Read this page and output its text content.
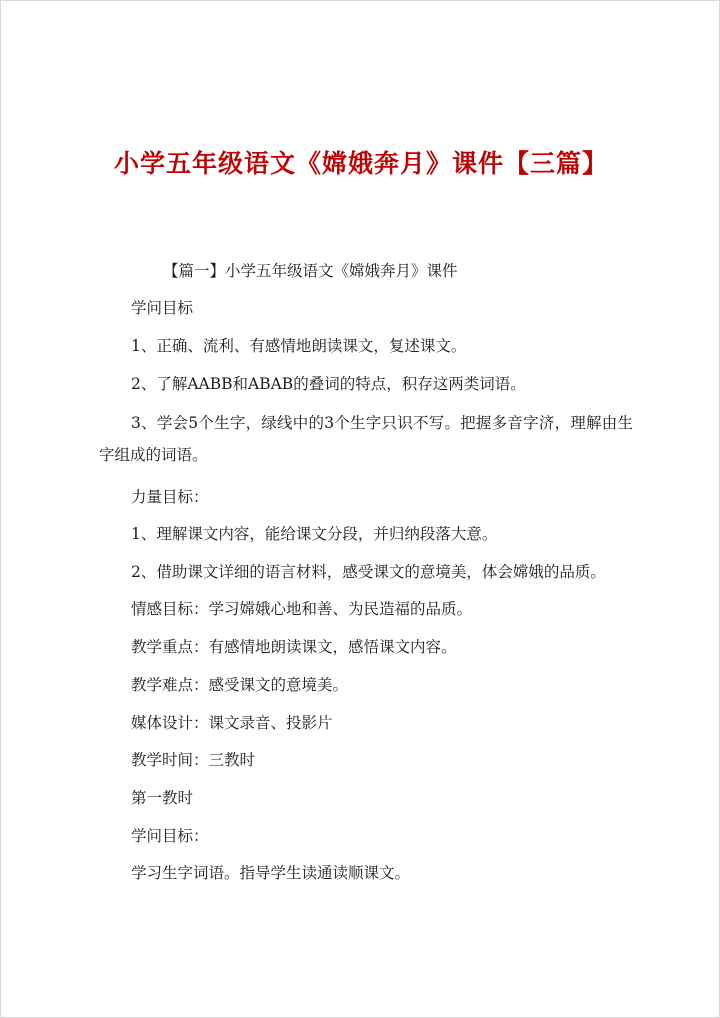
小学五年级语文《嫦娥奔月》课件【三篇】

【篇一】小学五年级语文《嫦娥奔月》课件

学问目标

1、正确、流利、有感情地朗读课文，复述课文。

2、了解AABB和ABAB的叠词的特点，积存这两类词语。

3、学会5个生字，绿线中的3个生字只识不写。把握多音字济，理解由生字组成的词语。

力量目标：

1、理解课文内容，能给课文分段，并归纳段落大意。

2、借助课文详细的语言材料，感受课文的意境美，体会嫦娥的品质。

情感目标：学习嫦娥心地和善、为民造福的品质。

教学重点：有感情地朗读课文，感悟课文内容。

教学难点：感受课文的意境美。

媒体设计：课文录音、投影片

教学时间：三教时

第一教时

学问目标：

学习生字词语。指导学生读通读顺课文。
